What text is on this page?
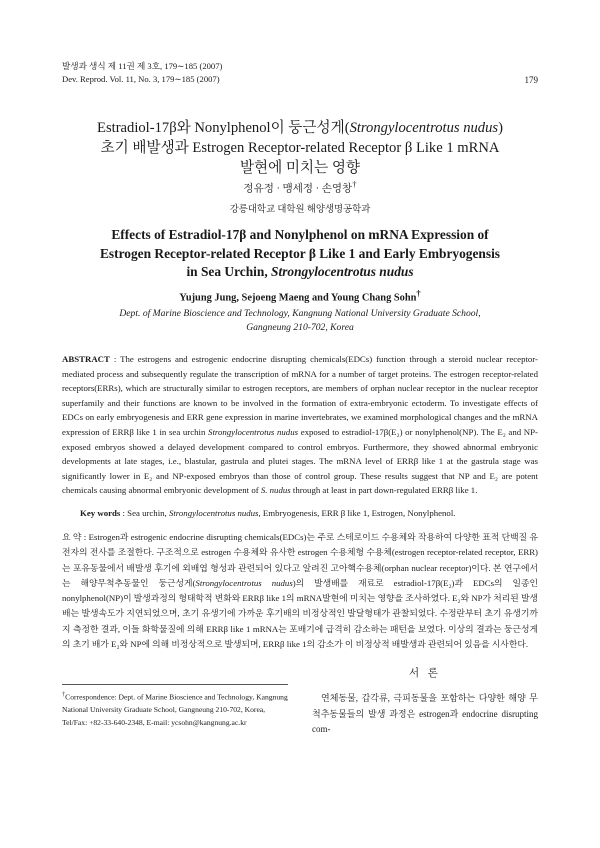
발생과 생식 제 11권 제 3호, 179∼185 (2007)
Dev. Reprod. Vol. 11, No. 3, 179∼185 (2007)	179
Estradiol-17β와 Nonylphenol이 둥근성게(Strongylocentrotus nudus)
초기 배발생과 Estrogen Receptor-related Receptor β Like 1 mRNA
발현에 미치는 영향
정유정 · 맹세정 · 손영창†
강릉대학교 대학원 해양생명공학과
Effects of Estradiol-17β and Nonylphenol on mRNA Expression of
Estrogen Receptor-related Receptor β Like 1 and Early Embryogensis
in Sea Urchin, Strongylocentrotus nudus
Yujung Jung, Sejoeng Maeng and Young Chang Sohn†
Dept. of Marine Bioscience and Technology, Kangnung National University Graduate School,
Gangneung 210-702, Korea
ABSTRACT : The estrogens and estrogenic endocrine disrupting chemicals(EDCs) function through a steroid nuclear receptor-mediated process and subsequently regulate the transcription of mRNA for a number of target proteins. The estrogen receptor-related receptors(ERRs), which are structurally similar to estrogen receptors, are members of orphan nuclear receptor in the nuclear receptor superfamily and their functions are known to be involved in the formation of extra-embryonic ectoderm. To investigate effects of EDCs on early embryogenesis and ERR gene expression in marine invertebrates, we examined morphological changes and the mRNA expression of ERRβ like 1 in sea urchin Strongylocentrotus nudus exposed to estradiol-17β(E₂) or nonylphenol(NP). The E₂ and NP-exposed embryos showed a delayed development compared to control embryos. Furthermore, they showed abnormal embryonic developments at late stages, i.e., blastular, gastrula and plutei stages. The mRNA level of ERRβ like 1 at the gastrula stage was significantly lower in E₂ and NP-exposed embryos than those of control group. These results suggest that NP and E₂ are potent chemicals causing abnormal embryonic development of S. nudus through at least in part down-regulated ERRβ like 1.
Key words : Sea urchin, Strongylocentrotus nudus, Embryogenesis, ERR β like 1, Estrogen, Nonylphenol.
요 약 : Estrogen과 estrogenic endocrine disrupting chemicals(EDCs)는 주로 스테로이드 수용체와 작용하여 다양한 표적 단백질 유전자의 전사를 조절한다. 구조적으로 estrogen 수용체와 유사한 estrogen 수용체형 수용체(estrogen receptor-related receptor, ERR)는 포유동물에서 배발생 후기에 외배엽 형성과 관련되어 있다고 알려진 고아핵수용체(orphan nuclear receptor)이다. 본 연구에서는 해양무척추동물인 둥근성게(Strongylocentrotus nudus)의 발생배를 재료로 estradiol-17β(E₂)과 EDCs의 일종인 nonylphenol(NP)이 발생과정의 형태학적 변화와 ERRβ like 1의 mRNA발현에 미치는 영향을 조사하였다. E₂와 NP가 처리된 발생배는 발생속도가 지연되었으며, 초기 유생기에 가까운 후기배의 비정상적인 발달형태가 관찰되었다. 수정란부터 초기 유생기까지 측정한 결과, 이들 화학물질에 의해 ERRβ like 1 mRNA는 포배기에 급격히 감소하는 패턴을 보였다. 이상의 결과는 둥근성게의 초기 배가 E₂와 NP에 의해 비정상적으로 발생되며, ERRβ like 1의 감소가 이 비정상적 배발생과 관련되어 있음을 시사한다.
†Correspondence: Dept. of Marine Bioscience and Technology, Kangnung National University Graduate School, Gangneung 210-702, Korea, Tel/Fax: +82-33-640-2348, E-mail: ycsohn@kangnung.ac.kr
서 론
연체동물, 갑각류, 극피동물을 포함하는 다양한 해양 무척추동물들의 발생 과정은 estrogen과 endocrine disrupting com-
